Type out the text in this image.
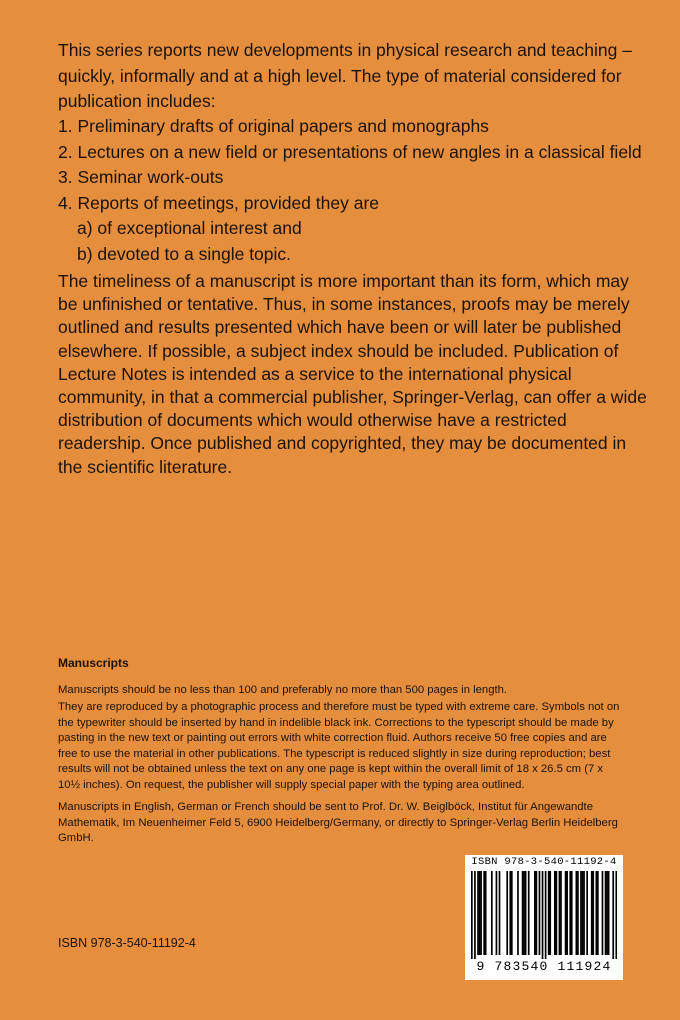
This series reports new developments in physical research and teaching – quickly, informally and at a high level. The type of material considered for publication includes:

1. Preliminary drafts of original papers and monographs
2. Lectures on a new field or presentations of new angles in a classical field
3. Seminar work-outs
4. Reports of meetings, provided they are
a) of exceptional interest and
b) devoted to a single topic.

The timeliness of a manuscript is more important than its form, which may be unfinished or tentative. Thus, in some instances, proofs may be merely outlined and results presented which have been or will later be published elsewhere. If possible, a subject index should be included. Publication of Lecture Notes is intended as a service to the international physical community, in that a commercial publisher, Springer-Verlag, can offer a wide distribution of documents which would otherwise have a restricted readership. Once published and copyrighted, they may be documented in the scientific literature.

Manuscripts

Manuscripts should be no less than 100 and preferably no more than 500 pages in length.

They are reproduced by a photographic process and therefore must be typed with extreme care. Symbols not on the typewriter should be inserted by hand in indelible black ink. Corrections to the typescript should be made by pasting in the new text or painting out errors with white correction fluid. Authors receive 50 free copies and are free to use the material in other publications. The typescript is reduced slightly in size during reproduction; best results will not be obtained unless the text on any one page is kept within the overall limit of 18 x 26.5 cm (7 x 10½ inches). On request, the publisher will supply special paper with the typing area outlined.

Manuscripts in English, German or French should be sent to Prof. Dr. W. Beiglböck, Institut für Angewandte Mathematik, Im Neuenheimer Feld 5, 6900 Heidelberg/Germany, or directly to Springer-Verlag Berlin Heidelberg GmbH.

ISBN 978-3-540-11192-4

ISBN 978-3-540-11192-4
9 783540 111924
